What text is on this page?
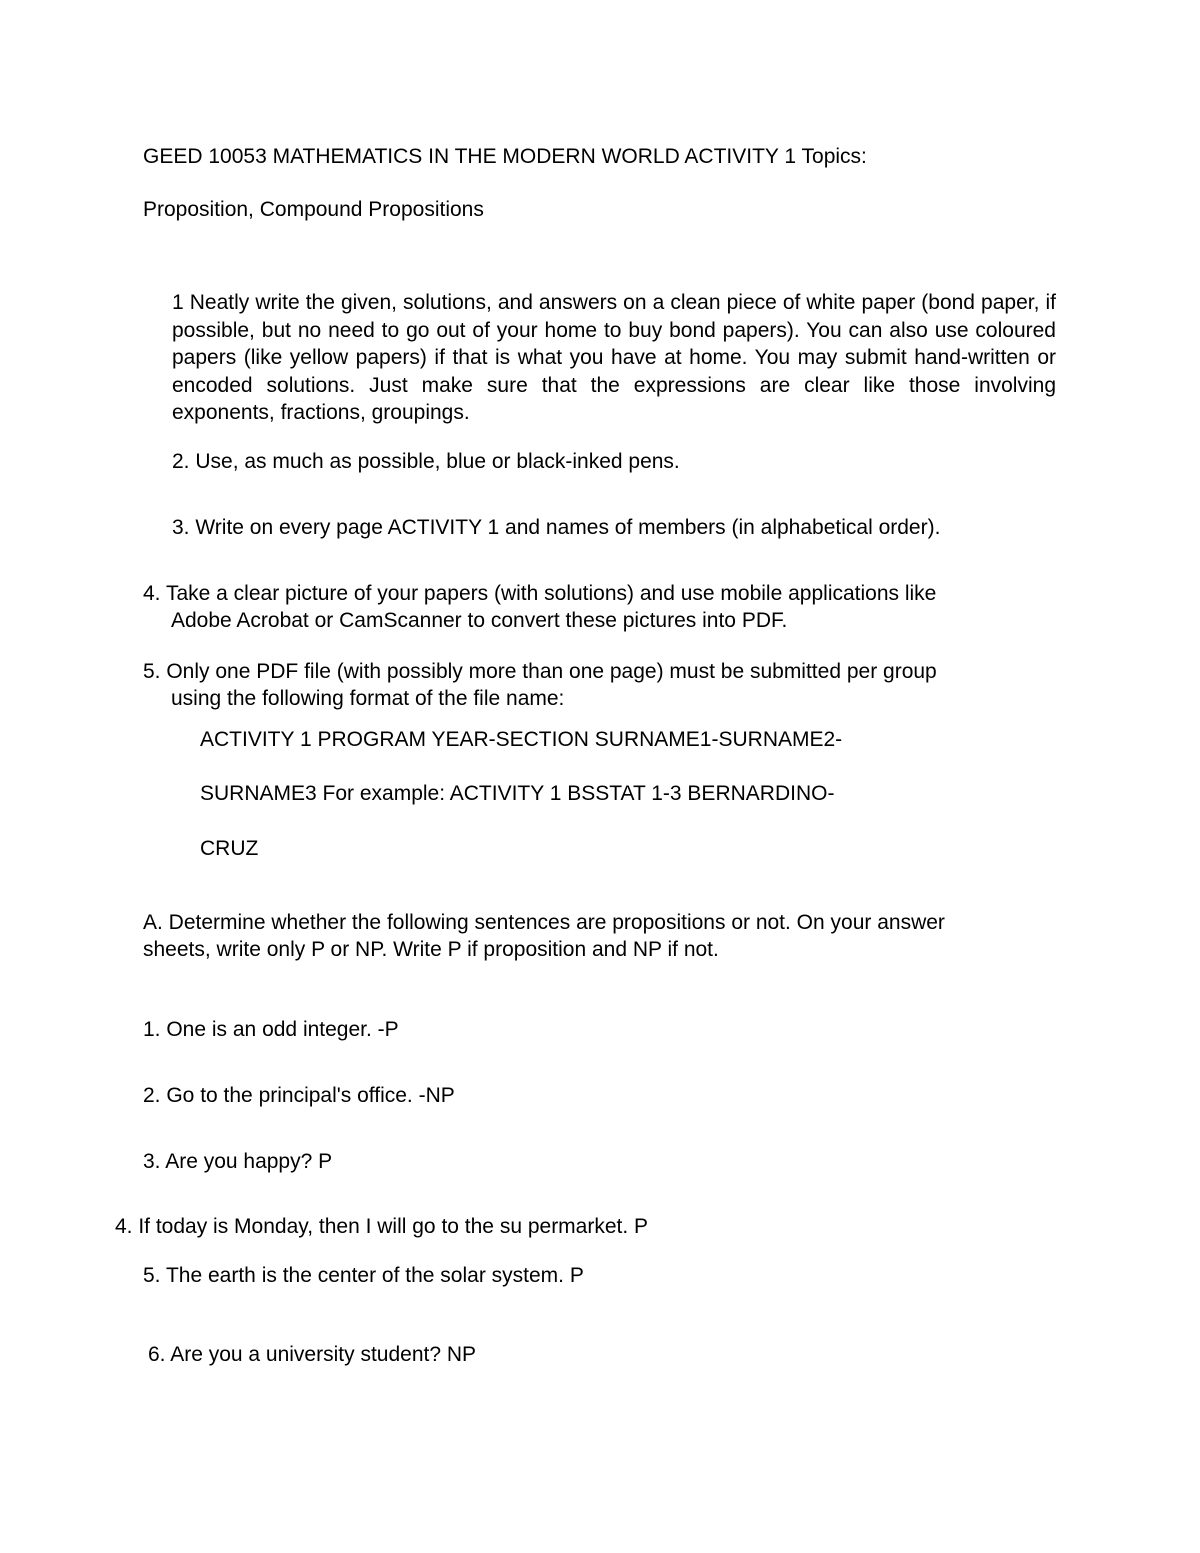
GEED 10053 MATHEMATICS IN THE MODERN WORLD ACTIVITY 1 Topics:
Proposition, Compound Propositions
1 Neatly write the given, solutions, and answers on a clean piece of white paper (bond paper, if possible, but no need to go out of your home to buy bond papers). You can also use coloured papers (like yellow papers) if that is what you have at home. You may submit hand-written or encoded solutions. Just make sure that the expressions are clear like those involving exponents, fractions, groupings.
2. Use, as much as possible, blue or black-inked pens.
3. Write on every page ACTIVITY 1 and names of members (in alphabetical order).
4. Take a clear picture of your papers (with solutions) and use mobile applications like
Adobe Acrobat or CamScanner to convert these pictures into PDF.
5. Only one PDF file (with possibly more than one page) must be submitted per group
using the following format of the file name:
ACTIVITY 1 PROGRAM YEAR-SECTION SURNAME1-SURNAME2-
SURNAME3 For example: ACTIVITY 1 BSSTAT 1-3 BERNARDINO-
CRUZ
A. Determine whether the following sentences are propositions or not. On your answer
sheets, write only P or NP. Write P if proposition and NP if not.
1. One is an odd integer. -P
2. Go to the principal's office. -NP
3. Are you happy? P
4. If today is Monday, then I will go to the su permarket. P
5. The earth is the center of the solar system. P
6. Are you a university student? NP
